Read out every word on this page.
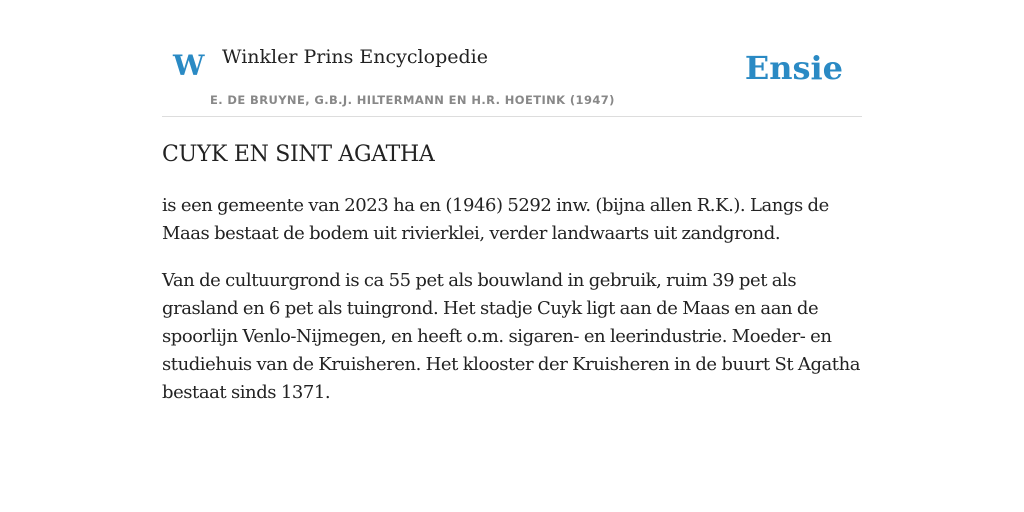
W Winkler Prins Encyclopedie
E. DE BRUYNE, G.B.J. HILTERMANN EN H.R. HOETINK (1947)
Ensie
CUYK EN SINT AGATHA

is een gemeente van 2023 ha en (1946) 5292 inw. (bijna allen R.K.). Langs de Maas bestaat de bodem uit rivierklei, verder landwaarts uit zandgrond.

Van de cultuurgrond is ca 55 pet als bouwland in gebruik, ruim 39 pet als grasland en 6 pet als tuingrond. Het stadje Cuyk ligt aan de Maas en aan de spoorlijn Venlo-Nijmegen, en heeft o.m. sigaren- en leerindustrie. Moeder- en studiehuis van de Kruisheren. Het klooster der Kruisheren in de buurt St Agatha bestaat sinds 1371.
